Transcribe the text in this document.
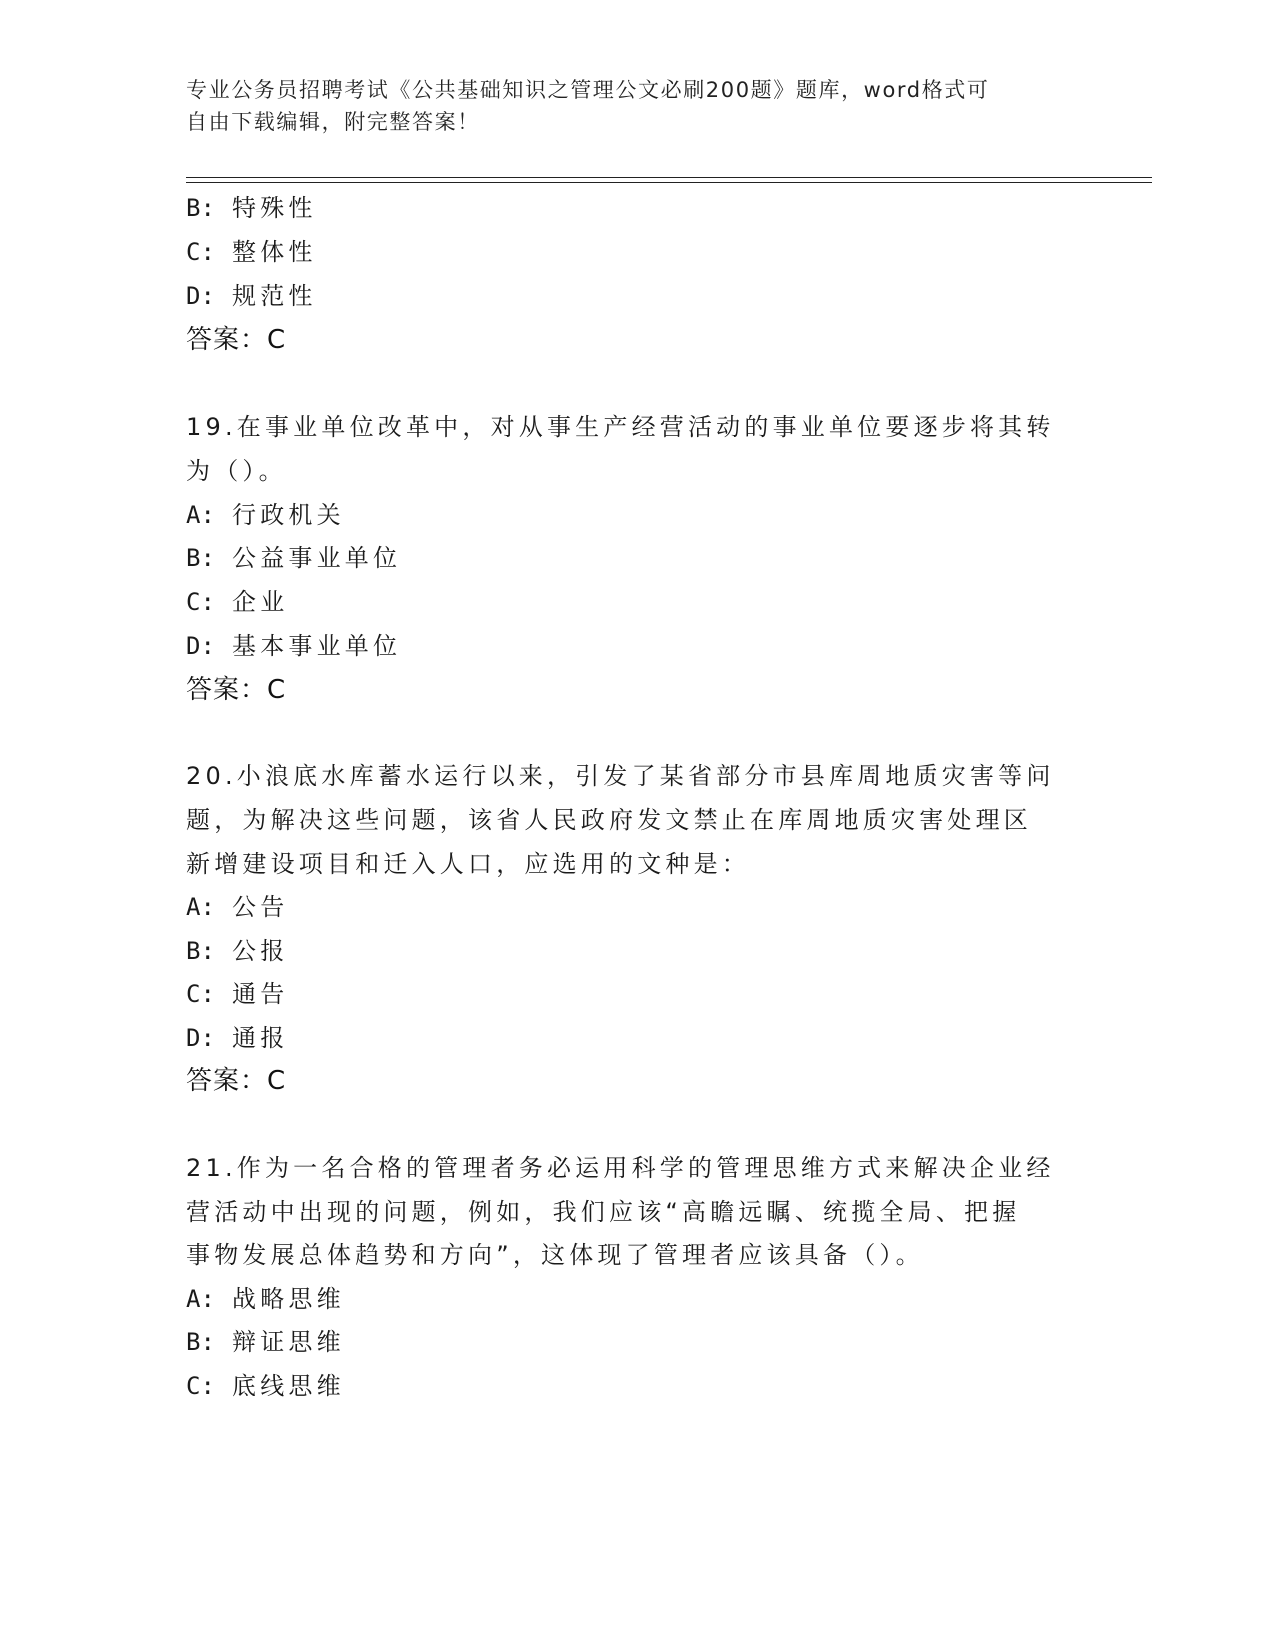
专业公务员招聘考试《公共基础知识之管理公文必刷200题》题库，word格式可
自由下载编辑，附完整答案！
B: 特殊性
C: 整体性
D: 规范性
答案：C
19.在事业单位改革中，对从事生产经营活动的事业单位要逐步将其转
为（）。
A: 行政机关
B: 公益事业单位
C: 企业
D: 基本事业单位
答案：C
20.小浪底水库蓄水运行以来，引发了某省部分市县库周地质灾害等问
题，为解决这些问题，该省人民政府发文禁止在库周地质灾害处理区
新增建设项目和迁入人口，应选用的文种是：
A: 公告
B: 公报
C: 通告
D: 通报
答案：C
21.作为一名合格的管理者务必运用科学的管理思维方式来解决企业经
营活动中出现的问题，例如，我们应该“高瞻远瞩、统揽全局、把握
事物发展总体趋势和方向”，这体现了管理者应该具备（）。
A: 战略思维
B: 辩证思维
C: 底线思维
